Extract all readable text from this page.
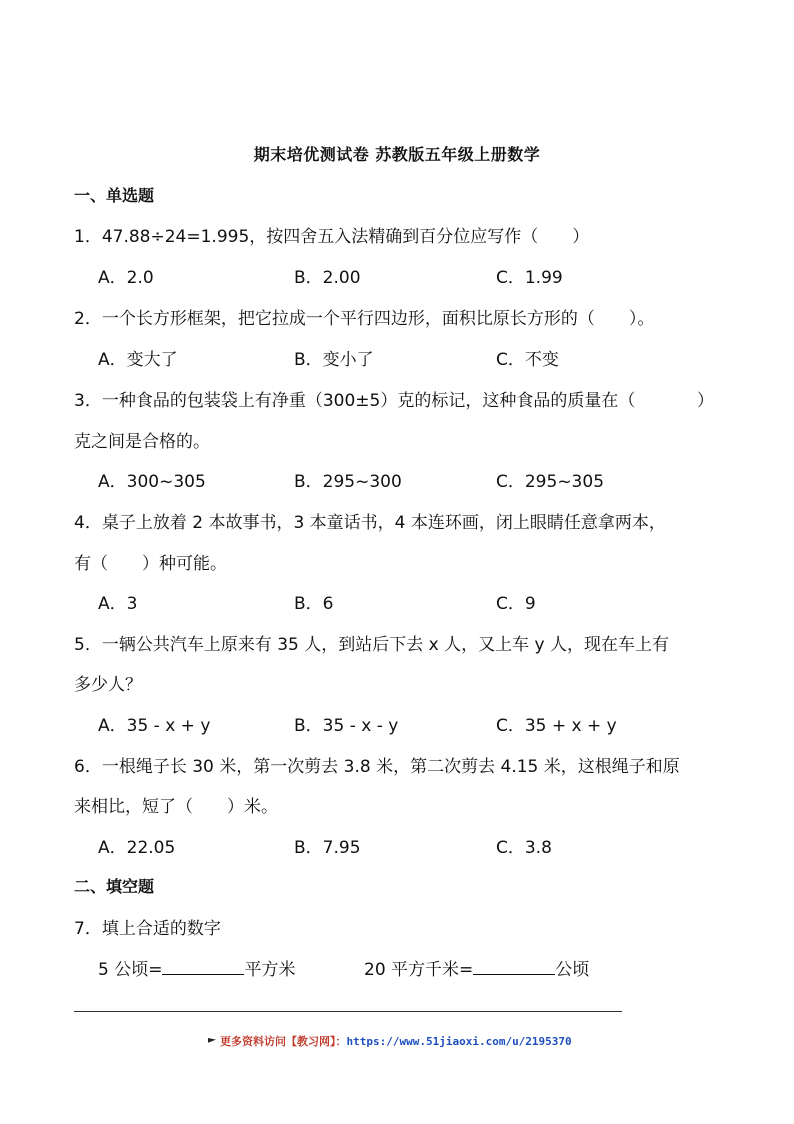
期末培优测试卷 苏教版五年级上册数学
一、单选题
1．47.88÷24=1.995，按四舍五入法精确到百分位应写作（　　）
A．2.0	B．2.00	C．1.99
2．一个长方形框架，把它拉成一个平行四边形，面积比原长方形的（　　）。
A．变大了	B．变小了	C．不变
3．一种食品的包装袋上有净重（300±5）克的标记，这种食品的质量在（	）
克之间是合格的。
A．300~305	B．295~300	C．295~305
4．桌子上放着 2 本故事书，3 本童话书，4 本连环画，闭上眼睛任意拿两本，
有（　　）种可能。
A．3	B．6	C．9
5．一辆公共汽车上原来有 35 人，到站后下去 x 人，又上车 y 人，现在车上有
多少人？
A．35 - x + y	B．35 - x - y	C．35 + x + y
6．一根绳子长 30 米，第一次剪去 3.8 米，第二次剪去 4.15 米，这根绳子和原
来相比，短了（　　）米。
A．22.05	B．7.95	C．3.8
二、填空题
7．填上合适的数字
5 公顷=	平方米	20 平方千米=	公顷
更多资料访问【教习网】：https://www.51jiaoxi.com/u/2195370
